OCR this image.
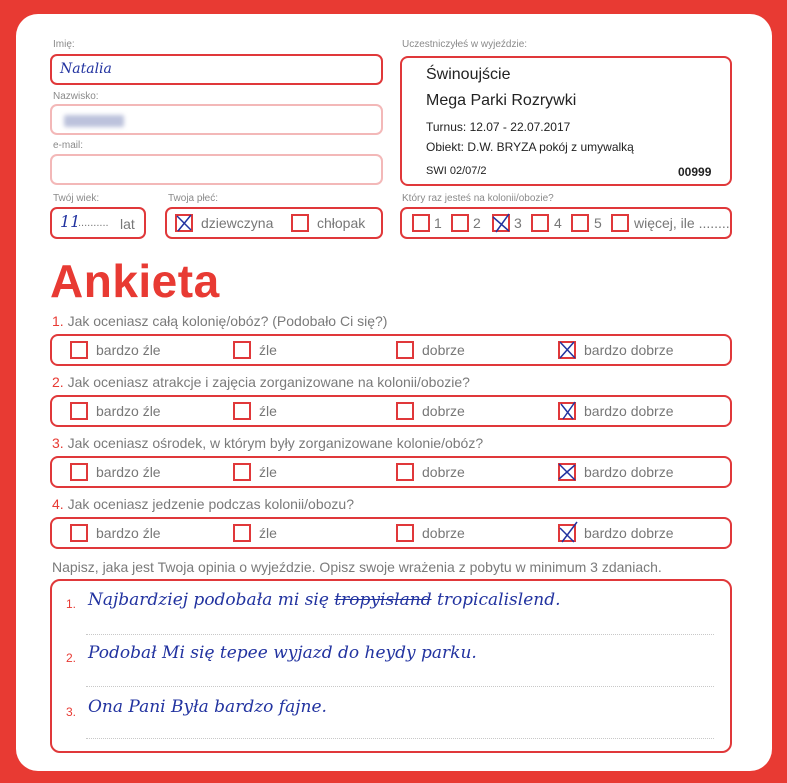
Imię:
Natalia
Nazwisko:
e-mail:
Twój wiek:
11
.......... lat
Twoja płeć:
dziewczyna	chłopak
Uczestniczyłeś w wyjeździe:
Świnoujście
Mega Parki Rozrywki
Turnus: 12.07 - 22.07.2017
Obiekt: D.W. BRYZA pokój z umywalką
SWI 02/07/2	00999
Który raz jesteś na kolonii/obozie?
1 2 3 4 5 więcej, ile ........
Ankieta
1. Jak oceniasz całą kolonię/obóz? (Podobało Ci się?)
bardzo źle	źle	dobrze	bardzo dobrze
2. Jak oceniasz atrakcje i zajęcia zorganizowane na kolonii/obozie?
bardzo źle	źle	dobrze	bardzo dobrze
3. Jak oceniasz ośrodek, w którym były zorganizowane kolonie/obóz?
bardzo źle	źle	dobrze	bardzo dobrze
4. Jak oceniasz jedzenie podczas kolonii/obozu?
bardzo źle	źle	dobrze	bardzo dobrze
Napisz, jaka jest Twoja opinia o wyjeździe. Opisz swoje wrażenia z pobytu w minimum 3 zdaniach.
1. Najbardziej podobała mi się tropyisland tropicalislend.
2. Podobał Mi się tepee wyjazd do heydy parku.
3. Ona Pani Była bardzo fajne.
